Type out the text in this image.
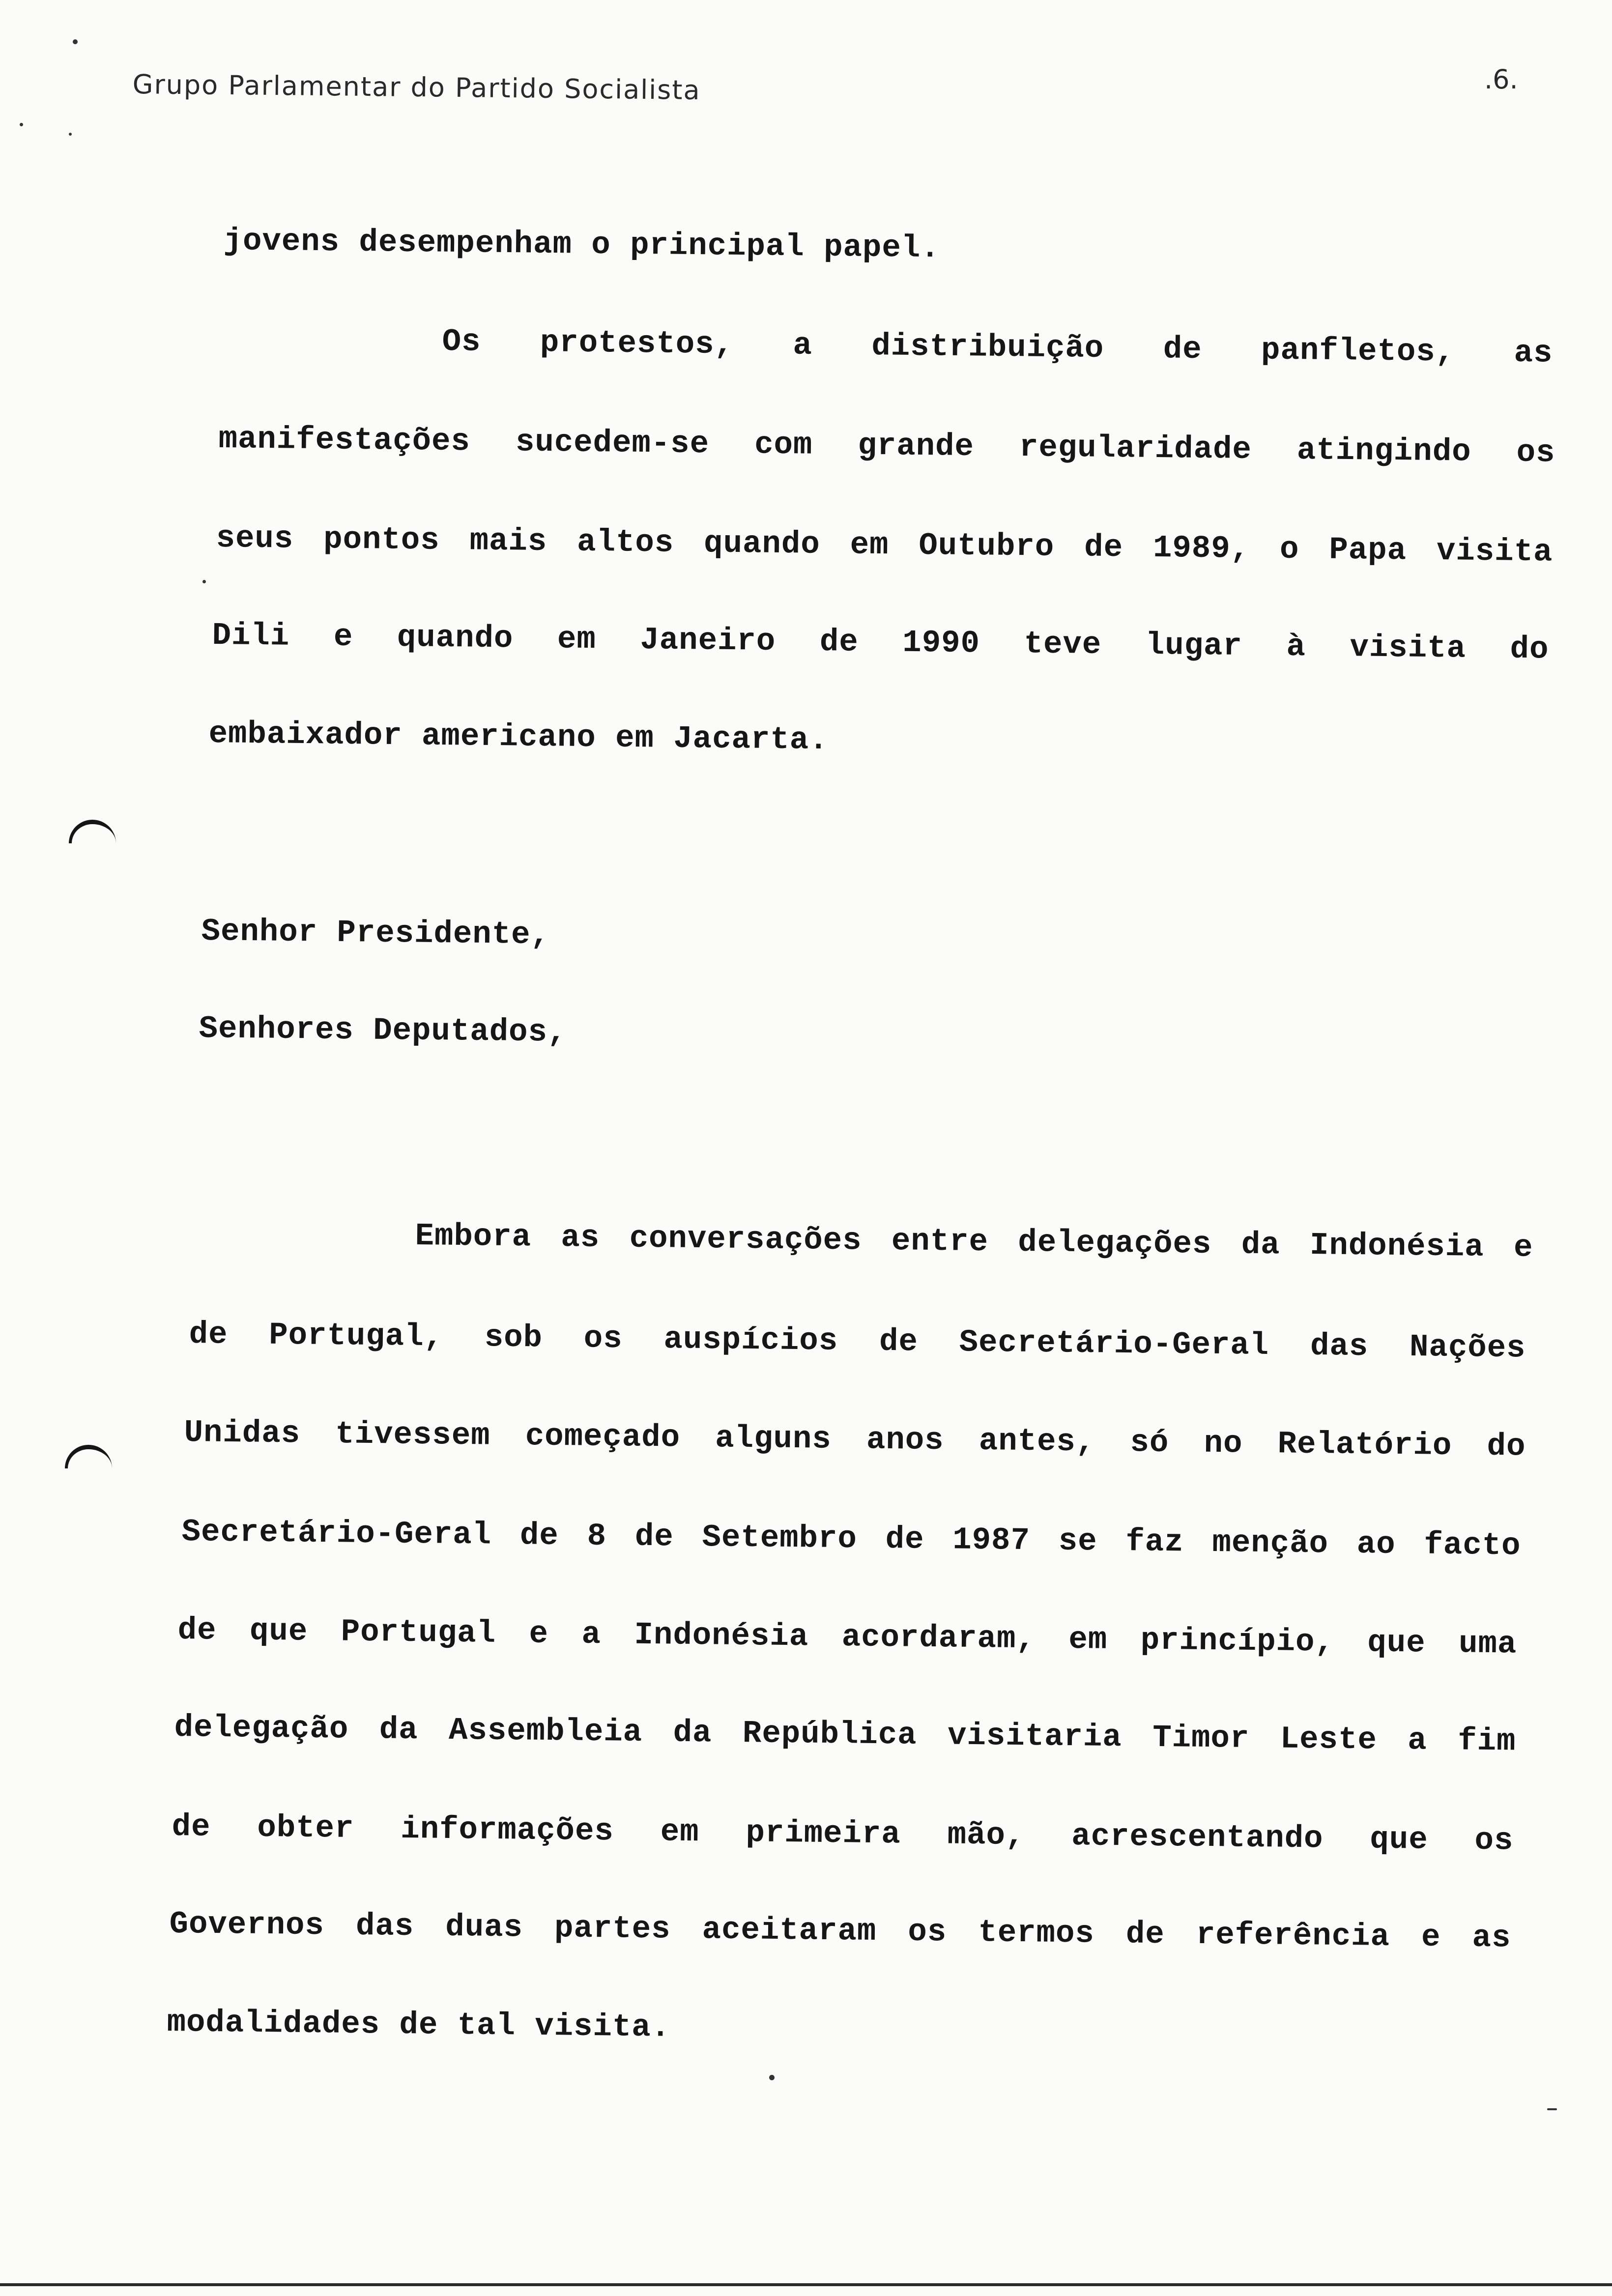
Grupo Parlamentar do Partido Socialista	.6.
jovens desempenham o principal papel.
Os protestos, a distribuição de panfletos, as
manifestações sucedem-se com grande regularidade atingindo os
seus pontos mais altos quando em Outubro de 1989, o Papa visita
Dili e quando em Janeiro de 1990 teve lugar à visita do
embaixador americano em Jacarta.
Senhor Presidente,
Senhores Deputados,
Embora as conversações entre delegações da Indonésia e
de Portugal, sob os auspícios de Secretário-Geral das Nações
Unidas tivessem começado alguns anos antes, só no Relatório do
Secretário-Geral de 8 de Setembro de 1987 se faz menção ao facto
de que Portugal e a Indonésia acordaram, em princípio, que uma
delegação da Assembleia da República visitaria Timor Leste a fim
de obter informações em primeira mão, acrescentando que os
Governos das duas partes aceitaram os termos de referência e as
modalidades de tal visita.
